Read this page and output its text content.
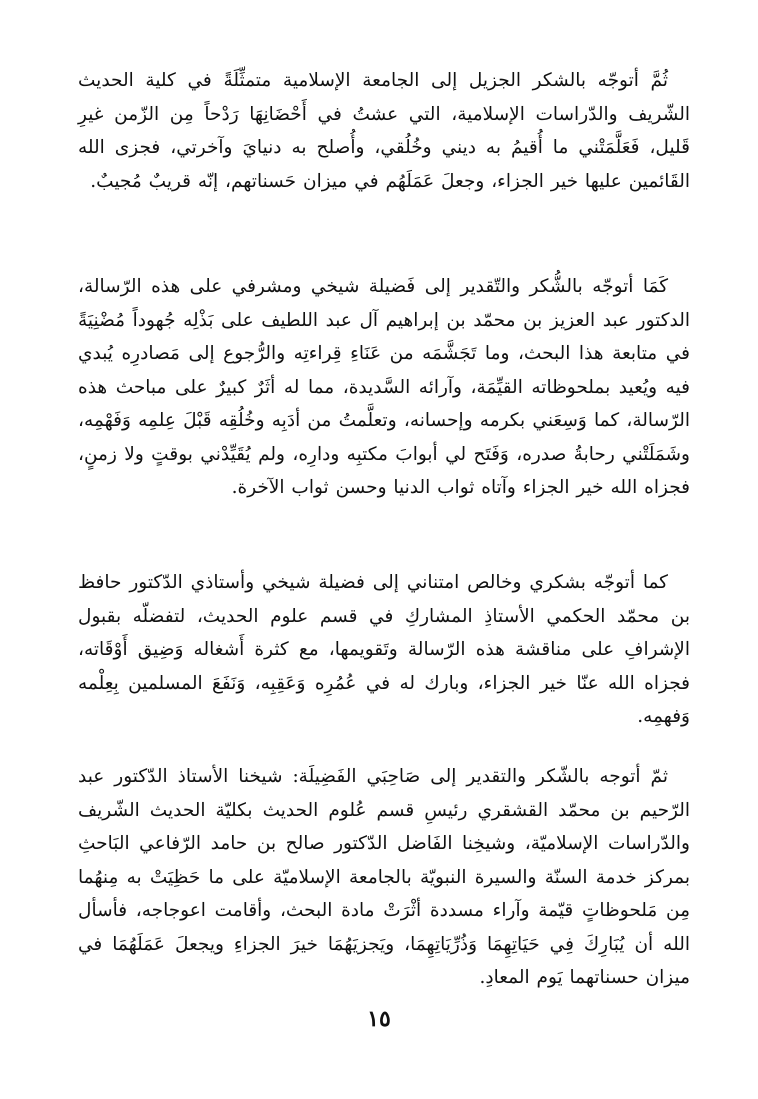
ثُمَّ أتوجّه بالشكر الجزيل إلى الجامعة الإسلامية متمثِّلَةً في كلية الحديث الشّريف والدّراسات الإسلامية، التي عشتُ في أَحْضَانِهَا رَدْحاً مِن الزّمن غيرِ قَليل، فَعَلَّمَتْني ما أُقيمُ به ديني وخُلُقي، وأُصلح به دنيايَ وآخرتي، فجزى الله القَائمين عليها خير الجزاء، وجعلَ عَمَلَهُم في ميزان حَسناتهم، إنّه قريبٌ مُجيبٌ.

كَمَا أتوجّه بالشُّكر والتّقدير إلى فَضيلة شيخي ومشرفي على هذه الرّسالة، الدكتور عبد العزيز بن محمّد بن إبراهيم آل عبد اللطيف على بَذْلِه جُهوداً مُضْنِيَةً في متابعة هذا البحث، وما تَجَشَّمَه من عَنَاءِ قِراءتِه والرُّجوع إلى مَصادرِه يُبدي فيه ويُعيد بملحوظاته القيِّمَة، وآرائه السَّديدة، مما له أثَرٌ كبيرٌ على مباحث هذه الرّسالة، كما وَسِعَني بكرمه وإحسانه، وتعلَّمتُ من أدَبِه وخُلُقِه قَبْلَ عِلمِه وَفَهْمِه، وشَمَلَتْني رحابةُ صدره، وَفَتَح لي أبوابَ مكتبِه ودارِه، ولم يُقَيِّدْني بوقتٍ ولا زمنٍ، فجزاه الله خير الجزاء وآتاه ثواب الدنيا وحسن ثواب الآخرة.

كما أتوجّه بشكري وخالص امتناني إلى فضيلة شيخي وأستاذي الدّكتور حافظ بن محمّد الحكمي الأستاذِ المشاركِ في قسم علوم الحديث، لتفضلّه بقبول الإشرافِ على مناقشة هذه الرّسالة وتَقويمها، مع كثرة أَشغاله وَضِيق أَوْقَاته، فجزاه الله عنّا خير الجزاء، وبارك له في عُمُرِه وَعَقِبِه، وَنَفَعَ المسلمين بِعِلْمه وَفهمِه.

ثمّ أتوجه بالشّكر والتقدير إلى صَاحِبَي الفَضِيلَة: شيخنا الأستاذ الدّكتور عبد الرّحيم بن محمّد القشقري رئيسِ قسم عُلوم الحديث بكليّة الحديث الشّريف والدّراسات الإسلاميّة، وشيخِنا الفَاضل الدّكتور صالح بن حامد الرّفاعي البَاحثِ بمركز خدمة السنّة والسيرة النبويّة بالجامعة الإسلاميّة على ما حَظِيَتْ به مِنهُما مِن مَلحوظاتٍ قيّمة وآراء مسددة أثْرَتْ مادة البحث، وأقامت اعوجاجه، فأسأل الله أن يُبَارِكَ فِي حَيَاتِهِمَا وَذُرِّيَاتِهِمَا، ويَجزيَهُمَا خيرَ الجزاءِ ويجعلَ عَمَلَهُمَا في ميزان حسناتهما يَوم المعادِ.

١٥
